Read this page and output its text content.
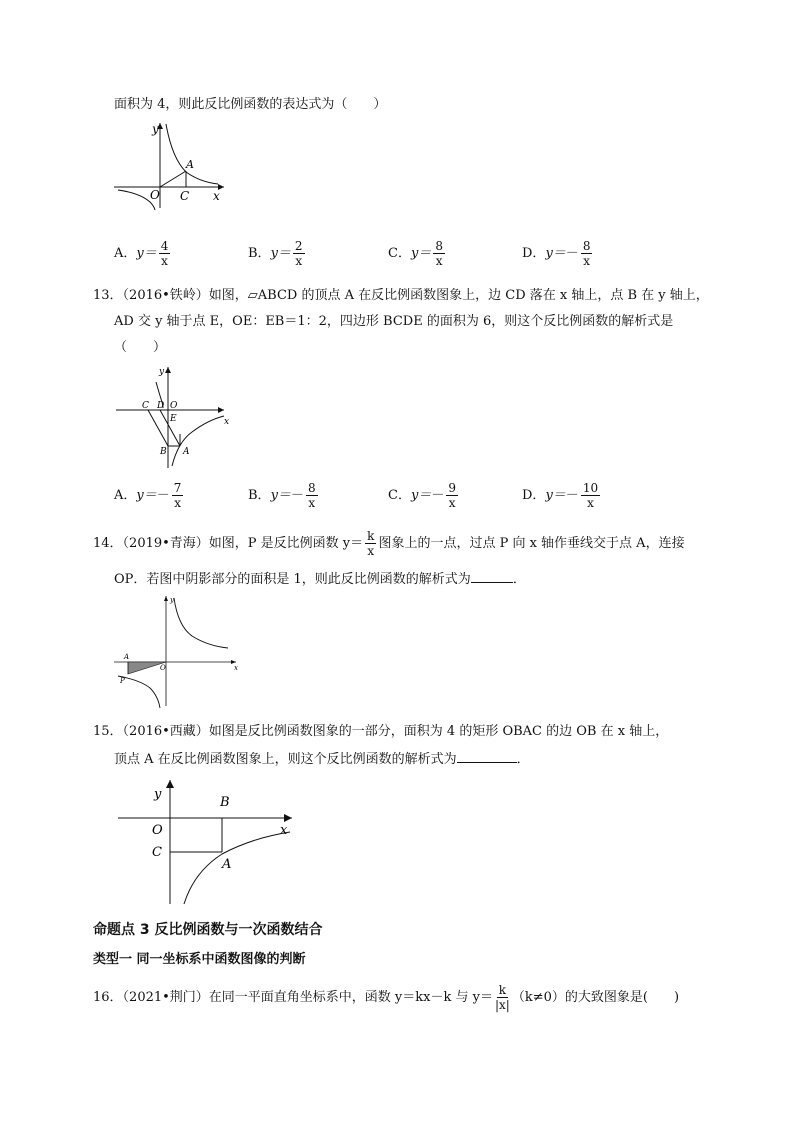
面积为 4，则此反比例函数的表达式为（　　）
y
x
O C
A
A．$y= \frac{4}{x}$	B．$y= \frac{2}{x}$	C．$y= \frac{8}{x}$	D．$y=- \frac{8}{x}$
13．（2016•铁岭）如图，▱ABCD 的顶点 A 在反比例函数图象上，边 CD 落在 x 轴上，点 B 在 y 轴上，
AD 交 y 轴于点 E，OE：EB＝1：2，四边形 BCDE 的面积为 6，则这个反比例函数的解析式是
（　　）
y
x
C D O
E
B A
A．$y=- \frac{7}{x}$	B．$y=- \frac{8}{x}$	C．$y=- \frac{9}{x}$	D．$y=- \frac{10}{x}$
14．（2019•青海）如图，P 是反比例函数 $y= \frac{k}{x}$ 图象上的一点，过点 P 向 x 轴作垂线交于点 A，连接
OP．若图中阴影部分的面积是 1，则此反比例函数的解析式为	．
y
x
O
A
P
15．（2016•西藏）如图是反比例函数图象的一部分，面积为 4 的矩形 OBAC 的边 OB 在 x 轴上，
顶点 A 在反比例函数图象上，则这个反比例函数的解析式为	．
y
x
O
B
C
A
命题点 3 反比例函数与一次函数结合
类型一 同一坐标系中函数图像的判断
16．（2021•荆门）在同一平面直角坐标系中，函数 y＝kx－k 与 $y= \frac{k}{|x|} (k\ne 0)$的大致图象是(　　)
